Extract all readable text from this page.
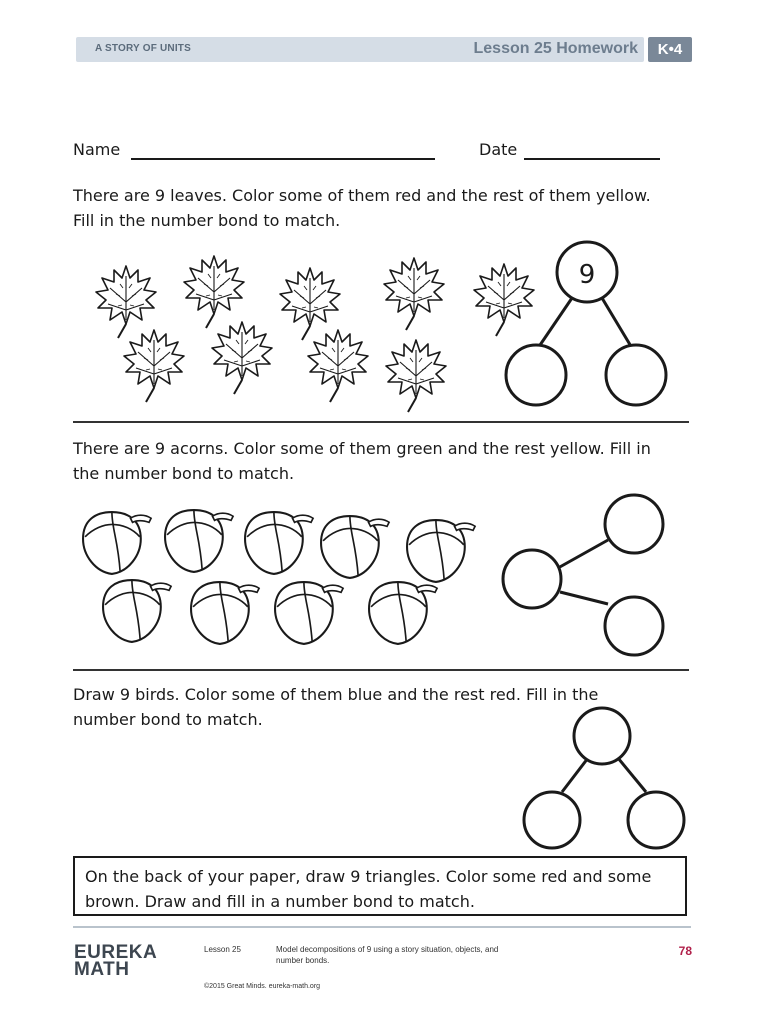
A STORY OF UNITS	Lesson 25 Homework	K•4
Name	Date
There are 9 leaves. Color some of them red and the rest of them yellow.
Fill in the number bond to match.
9
There are 9 acorns. Color some of them green and the rest yellow. Fill in
the number bond to match.
Draw 9 birds. Color some of them blue and the rest red. Fill in the
number bond to match.
On the back of your paper, draw 9 triangles. Color some red and some
brown. Draw and fill in a number bond to match.
EUREKA
MATH
Lesson 25	Model decompositions of 9 using a story situation, objects, and
number bonds.
©2015 Great Minds. eureka-math.org
78
